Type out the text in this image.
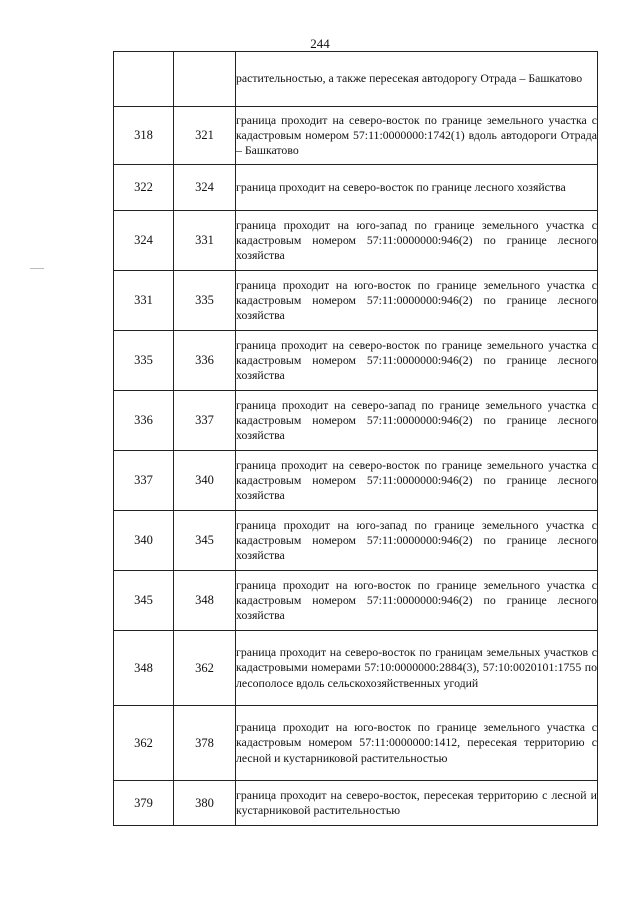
244
		растительностью, а также пересекая автодорогу Отрада – Башкатово
318	321	граница проходит на северо-восток по границе земельного участка с кадастровым номером 57:11:0000000:1742(1) вдоль автодороги Отрада – Башкатово
322	324	граница проходит на северо-восток по границе лесного хозяйства
324	331	граница проходит на юго-запад по границе земельного участка с кадастровым номером 57:11:0000000:946(2) по границе лесного хозяйства
331	335	граница проходит на юго-восток по границе земельного участка с кадастровым номером 57:11:0000000:946(2) по границе лесного хозяйства
335	336	граница проходит на северо-восток по границе земельного участка с кадастровым номером 57:11:0000000:946(2) по границе лесного хозяйства
336	337	граница проходит на северо-запад по границе земельного участка с кадастровым номером 57:11:0000000:946(2) по границе лесного хозяйства
337	340	граница проходит на северо-восток по границе земельного участка с кадастровым номером 57:11:0000000:946(2) по границе лесного хозяйства
340	345	граница проходит на юго-запад по границе земельного участка с кадастровым номером 57:11:0000000:946(2) по границе лесного хозяйства
345	348	граница проходит на юго-восток по границе земельного участка с кадастровым номером 57:11:0000000:946(2) по границе лесного хозяйства
348	362	граница проходит на северо-восток по границам земельных участков с кадастровыми номерами 57:10:0000000:2884(3), 57:10:0020101:1755 по лесополосе вдоль сельскохозяйственных угодий
362	378	граница проходит на юго-восток по границе земельного участка с кадастровым номером 57:11:0000000:1412, пересекая территорию с лесной и кустарниковой растительностью
379	380	граница проходит на северо-восток, пересекая территорию с лесной и кустарниковой растительностью
